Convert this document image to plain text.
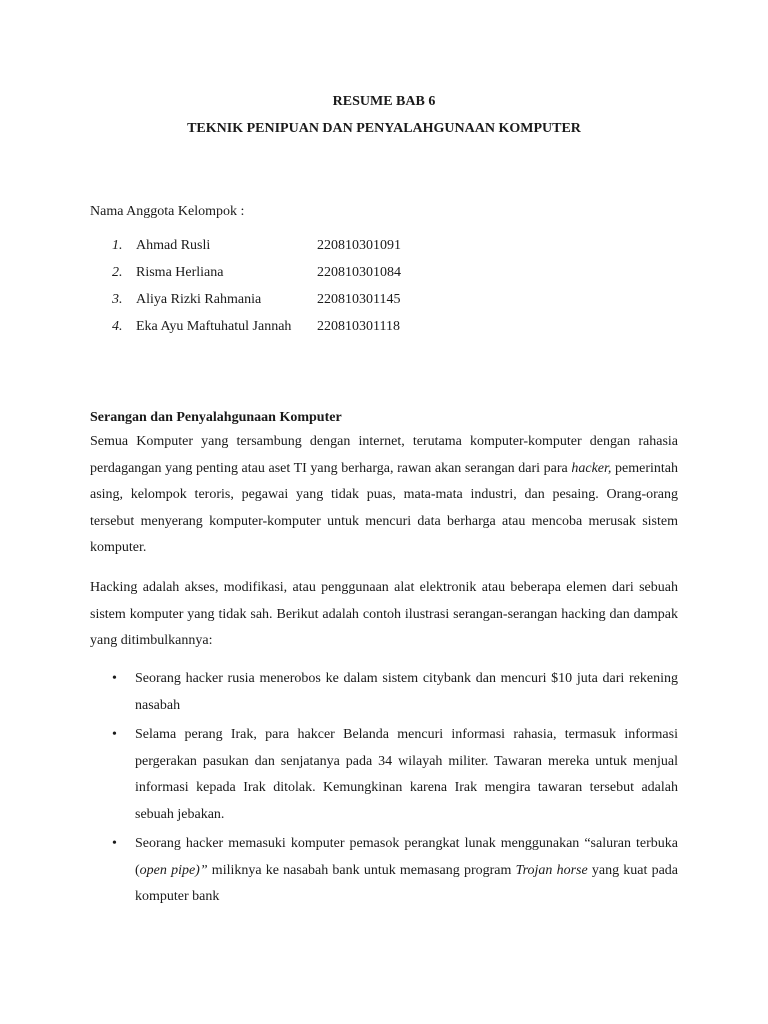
RESUME BAB 6
TEKNIK PENIPUAN DAN PENYALAHGUNAAN KOMPUTER
Nama Anggota Kelompok :
1. Ahmad Rusli	220810301091
2. Risma Herliana	220810301084
3. Aliya Rizki Rahmania	220810301145
4. Eka Ayu Maftuhatul Jannah 220810301118
Serangan dan Penyalahgunaan Komputer

Semua Komputer yang tersambung dengan internet, terutama komputer-komputer dengan rahasia perdagangan yang penting atau aset TI yang berharga, rawan akan serangan dari para hacker, pemerintah asing, kelompok teroris, pegawai yang tidak puas, mata-mata industri, dan pesaing. Orang-orang tersebut menyerang komputer-komputer untuk mencuri data berharga atau mencoba merusak sistem komputer.

Hacking adalah akses, modifikasi, atau penggunaan alat elektronik atau beberapa elemen dari sebuah sistem komputer yang tidak sah. Berikut adalah contoh ilustrasi serangan-serangan hacking dan dampak yang ditimbulkannya:

• Seorang hacker rusia menerobos ke dalam sistem citybank dan mencuri $10 juta dari rekening nasabah
• Selama perang Irak, para hakcer Belanda mencuri informasi rahasia, termasuk informasi pergerakan pasukan dan senjatanya pada 34 wilayah militer. Tawaran mereka untuk menjual informasi kepada Irak ditolak. Kemungkinan karena Irak mengira tawaran tersebut adalah sebuah jebakan.
• Seorang hacker memasuki komputer pemasok perangkat lunak menggunakan “saluran terbuka (open pipe)” miliknya ke nasabah bank untuk memasang program Trojan horse yang kuat pada komputer bank
